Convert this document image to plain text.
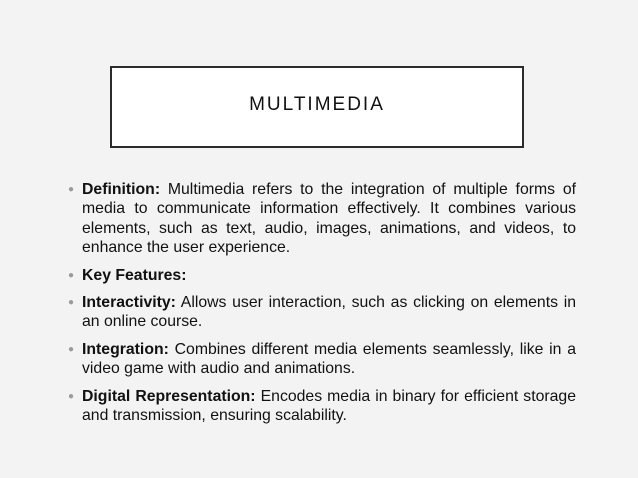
MULTIMEDIA
● Definition: Multimedia refers to the integration of multiple forms of media to communicate information effectively. It combines various elements, such as text, audio, images, animations, and videos, to enhance the user experience.
● Key Features:
● Interactivity: Allows user interaction, such as clicking on elements in an online course.
● Integration: Combines different media elements seamlessly, like in a video game with audio and animations.
● Digital Representation: Encodes media in binary for efficient storage and transmission, ensuring scalability.
